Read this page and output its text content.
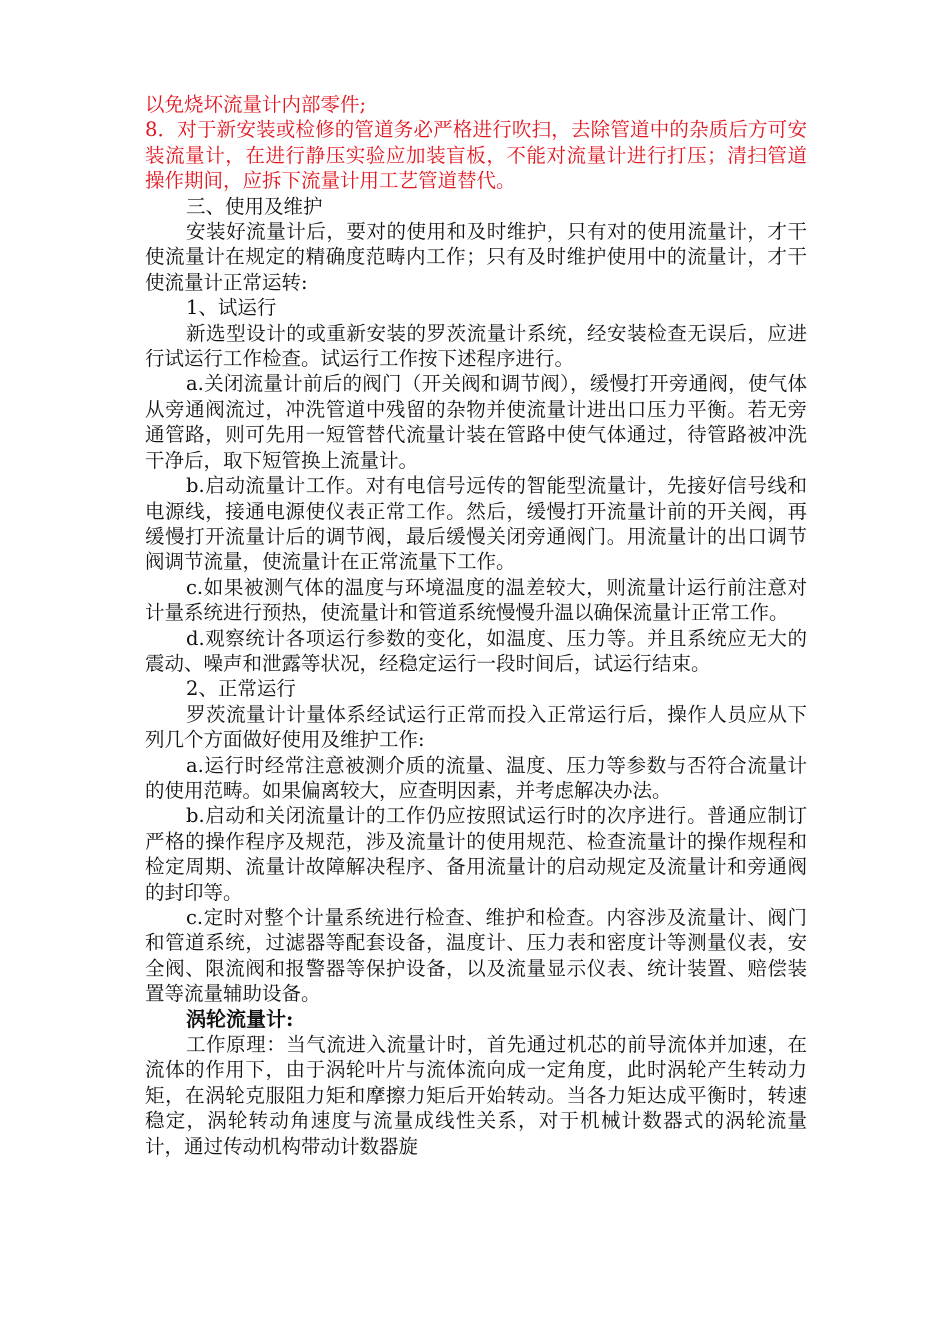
以免烧坏流量计内部零件;

8．对于新安装或检修的管道务必严格进行吹扫，去除管道中的杂质后方可安装流量计，在进行静压实验应加装盲板，不能对流量计进行打压；清扫管道操作期间，应拆下流量计用工艺管道替代。

三、使用及维护

安装好流量计后，要对的使用和及时维护，只有对的使用流量计，才干使流量计在规定的精确度范畴内工作；只有及时维护使用中的流量计，才干使流量计正常运转:

1、试运行

新选型设计的或重新安装的罗茨流量计系统，经安装检查无误后，应进行试运行工作检查。试运行工作按下述程序进行。

a.关闭流量计前后的阀门（开关阀和调节阀），缓慢打开旁通阀，使气体从旁通阀流过，冲洗管道中残留的杂物并使流量计进出口压力平衡。若无旁通管路，则可先用一短管替代流量计装在管路中使气体通过，待管路被冲洗干净后，取下短管换上流量计。

b.启动流量计工作。对有电信号远传的智能型流量计，先接好信号线和电源线，接通电源使仪表正常工作。然后，缓慢打开流量计前的开关阀，再缓慢打开流量计后的调节阀，最后缓慢关闭旁通阀门。用流量计的出口调节阀调节流量，使流量计在正常流量下工作。

c.如果被测气体的温度与环境温度的温差较大，则流量计运行前注意对计量系统进行预热，使流量计和管道系统慢慢升温以确保流量计正常工作。

d.观察统计各项运行参数的变化，如温度、压力等。并且系统应无大的震动、噪声和泄露等状况，经稳定运行一段时间后，试运行结束。

2、正常运行

罗茨流量计计量体系经试运行正常而投入正常运行后，操作人员应从下列几个方面做好使用及维护工作:

a.运行时经常注意被测介质的流量、温度、压力等参数与否符合流量计的使用范畴。如果偏离较大，应查明因素，并考虑解决办法。

b.启动和关闭流量计的工作仍应按照试运行时的次序进行。普通应制订严格的操作程序及规范，涉及流量计的使用规范、检查流量计的操作规程和检定周期、流量计故障解决程序、备用流量计的启动规定及流量计和旁通阀的封印等。

c.定时对整个计量系统进行检查、维护和检查。内容涉及流量计、阀门和管道系统，过滤器等配套设备，温度计、压力表和密度计等测量仪表，安全阀、限流阀和报警器等保护设备，以及流量显示仪表、统计装置、赔偿装置等流量辅助设备。

涡轮流量计:

工作原理：当气流进入流量计时，首先通过机芯的前导流体并加速，在流体的作用下，由于涡轮叶片与流体流向成一定角度，此时涡轮产生转动力矩，在涡轮克服阻力矩和摩擦力矩后开始转动。当各力矩达成平衡时，转速稳定，涡轮转动角速度与流量成线性关系，对于机械计数器式的涡轮流量计，通过传动机构带动计数器旋
